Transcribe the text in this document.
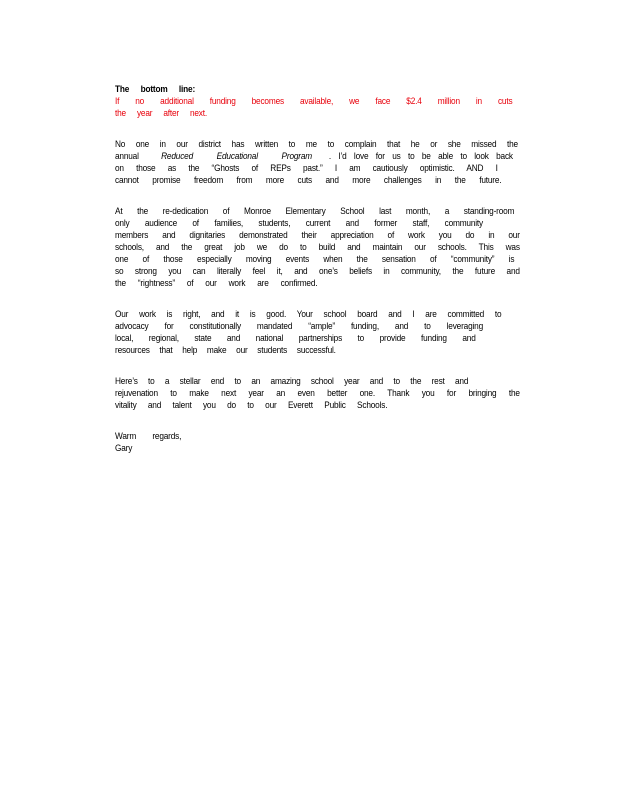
The bottom line:
If no additional funding becomes available, we face $2.4 million in cuts
the year after next.
No one in our district has written to me to complain that he or she missed the
annual Reduced Educational Program . I’d love for us to be able to look back
on those as the “Ghosts of REPs past.” I am cautiously optimistic. AND I
cannot promise freedom from more cuts and more challenges in the future.
At the re-dedication of Monroe Elementary School last month, a standing-room
only audience of families, students, current and former staff, community
members and dignitaries demonstrated their appreciation of work you do in our
schools, and the great job we do to build and maintain our schools. This was
one of those especially moving events when the sensation of “community” is
so strong you can literally feel it, and one’s beliefs in community, the future and
the “rightness” of our work are confirmed.
Our work is right, and it is good. Your school board and I are committed to
advocacy for constitutionally mandated “ample” funding, and to leveraging
local, regional, state and national partnerships to provide funding and
resources that help make our students successful.
Here’s to a stellar end to an amazing school year and to the rest and
rejuvenation to make next year an even better one. Thank you for bringing the
vitality and talent you do to our Everett Public Schools.
Warm regards,
Gary
